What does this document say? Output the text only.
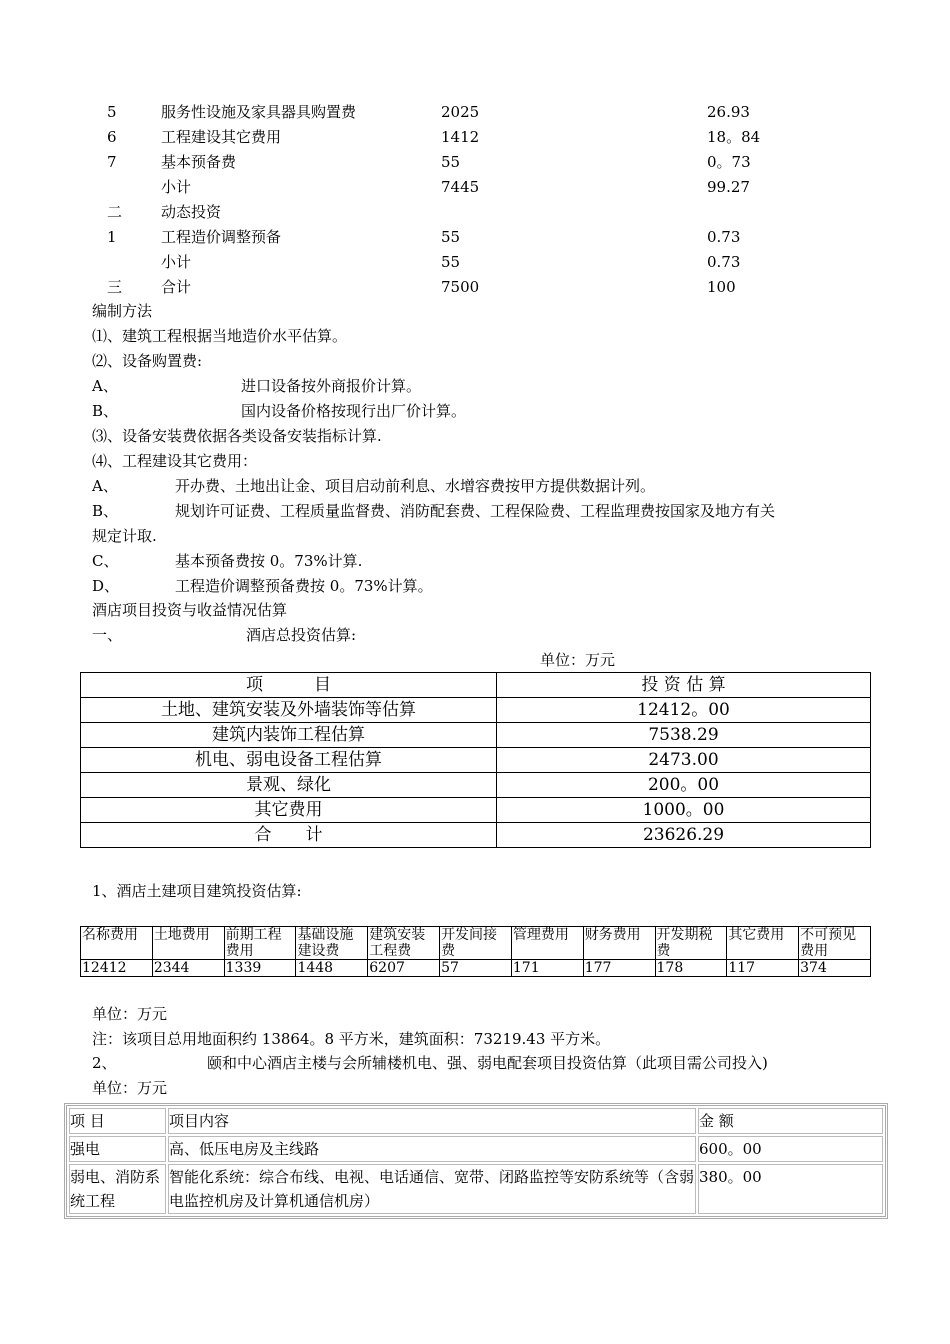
5	服务性设施及家具器具购置费	2025	26.93
6	工程建设其它费用	1412	18。84
7	基本预备费	55	0。73
小计	7445	99.27
二	动态投资
1	工程造价调整预备	55	0.73
小计	55	0.73
三	合计	7500	100
编制方法
⑴、建筑工程根据当地造价水平估算。
⑵、设备购置费:
A、	进口设备按外商报价计算。
B、	国内设备价格按现行出厂价计算。
⑶、设备安装费依据各类设备安装指标计算.
⑷、工程建设其它费用：
A、	开办费、土地出让金、项目启动前利息、水增容费按甲方提供数据计列。
B、	规划许可证费、工程质量监督费、消防配套费、工程保险费、工程监理费按国家及地方有关
规定计取.
C、	基本预备费按 0。73%计算.
D、	工程造价调整预备费按 0。73%计算。
酒店项目投资与收益情况估算
一、	酒店总投资估算:
单位：万元
项　　　目	投 资 估 算
土地、建筑安装及外墙装饰等估算	12412。00
建筑内装饰工程估算	7538.29
机电、弱电设备工程估算	2473.00
景观、绿化	200。00
其它费用	1000。00
合　　计	23626.29
1、酒店土建项目建筑投资估算:
名称费用	土地费用	前期工程费用	基础设施建设费	建筑安装工程费	开发间接费	管理费用	财务费用	开发期税费	其它费用	不可预见费用
12412	2344	1339	1448	6207	57	171	177	178	117	374
单位：万元
注：该项目总用地面积约 13864。8 平方米，建筑面积：73219.43 平方米。
2、	颐和中心酒店主楼与会所辅楼机电、强、弱电配套项目投资估算（此项目需公司投入)
单位：万元
项 目	项目内容	金 额
强电	高、低压电房及主线路	600。00
弱电、消防系统工程	智能化系统：综合布线、电视、电话通信、宽带、闭路监控等安防系统等（含弱电监控机房及计算机通信机房）	380。00
